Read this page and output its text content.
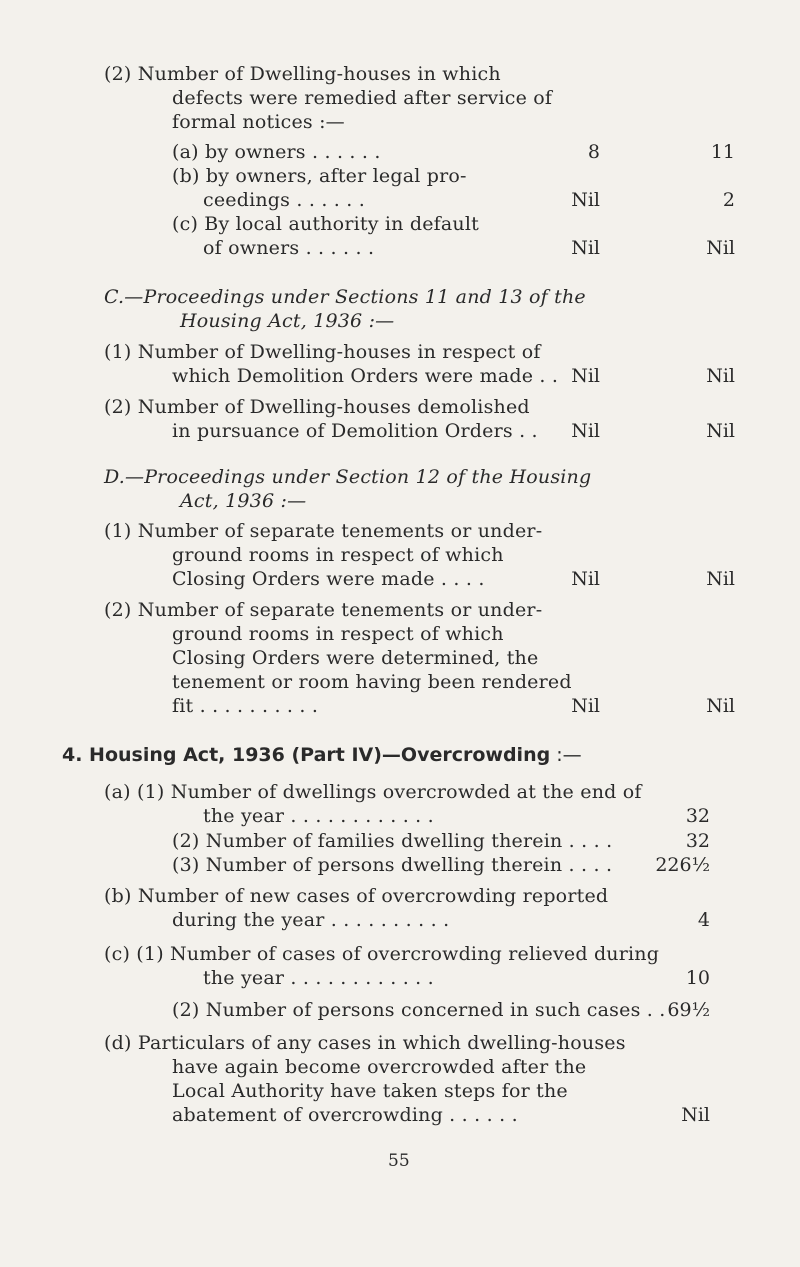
(2) Number of Dwelling-houses in which
defects were remedied after service of
formal notices :—
(a) by owners . . . . . .	8	11
(b) by owners, after legal pro-
ceedings . . . . . .	Nil	2
(c) By local authority in default
of owners . . . . . .	Nil	Nil
C.—Proceedings under Sections 11 and 13 of the
Housing Act, 1936 :—
(1) Number of Dwelling-houses in respect of
which Demolition Orders were made . . Nil	Nil
(2) Number of Dwelling-houses demolished
in pursuance of Demolition Orders . . Nil	Nil
D.—Proceedings under Section 12 of the Housing
Act, 1936 :—
(1) Number of separate tenements or under-
ground rooms in respect of which
Closing Orders were made . . . .	Nil	Nil
(2) Number of separate tenements or under-
ground rooms in respect of which
Closing Orders were determined, the
tenement or room having been rendered
fit . . . . . . . . . .	Nil	Nil
4. Housing Act, 1936 (Part IV)—Overcrowding :—
(a) (1) Number of dwellings overcrowded at the end of
the year . . . . . . . . . . . .	32
(2) Number of families dwelling therein . . . .	32
(3) Number of persons dwelling therein . . . . 226½
(b) Number of new cases of overcrowding reported
during the year . . . . . . . . . .	4
(c) (1) Number of cases of overcrowding relieved during
the year . . . . . . . . . . . .	10
(2) Number of persons concerned in such cases . . 69½
(d) Particulars of any cases in which dwelling-houses
have again become overcrowded after the
Local Authority have taken steps for the
abatement of overcrowding . . . . . .	Nil
55
